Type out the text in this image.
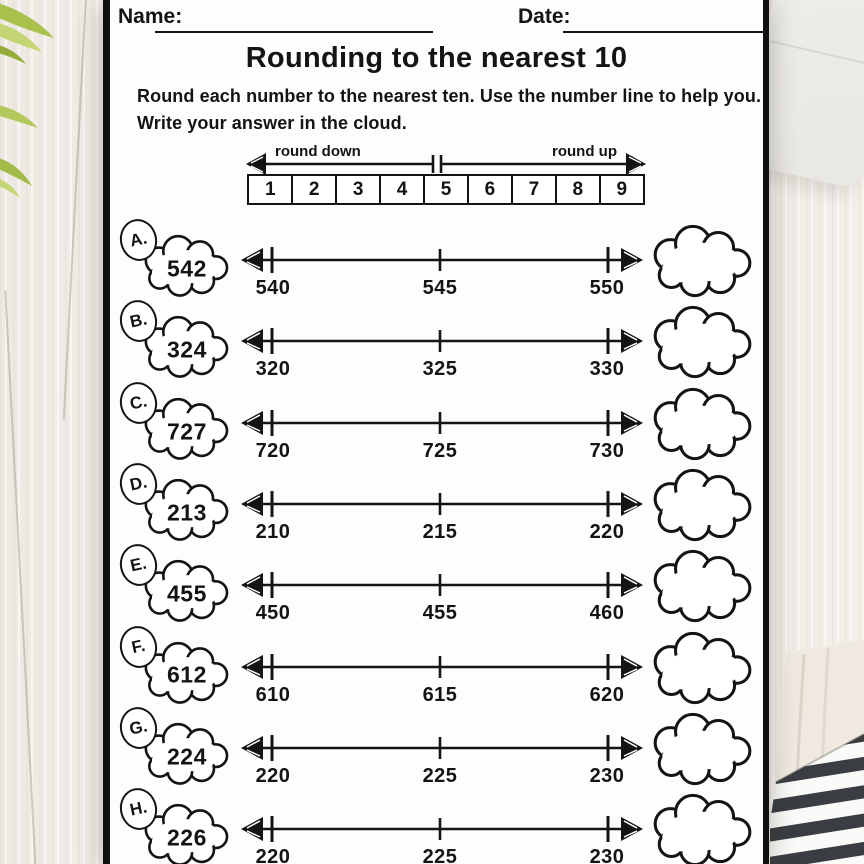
Name:	Date:
Rounding to the nearest 10
Round each number to the nearest ten. Use the number line to help you.
Write your answer in the cloud.
round down	round up
1	2	3	4	5	6	7	8	9
A.
542
540	545	550
B.
324
320	325	330
C.
727
720	725	730
D.
213
210	215	220
E.
455
450	455	460
F.
612
610	615	620
G.
224
220	225	230
H.
226
220	225	230
